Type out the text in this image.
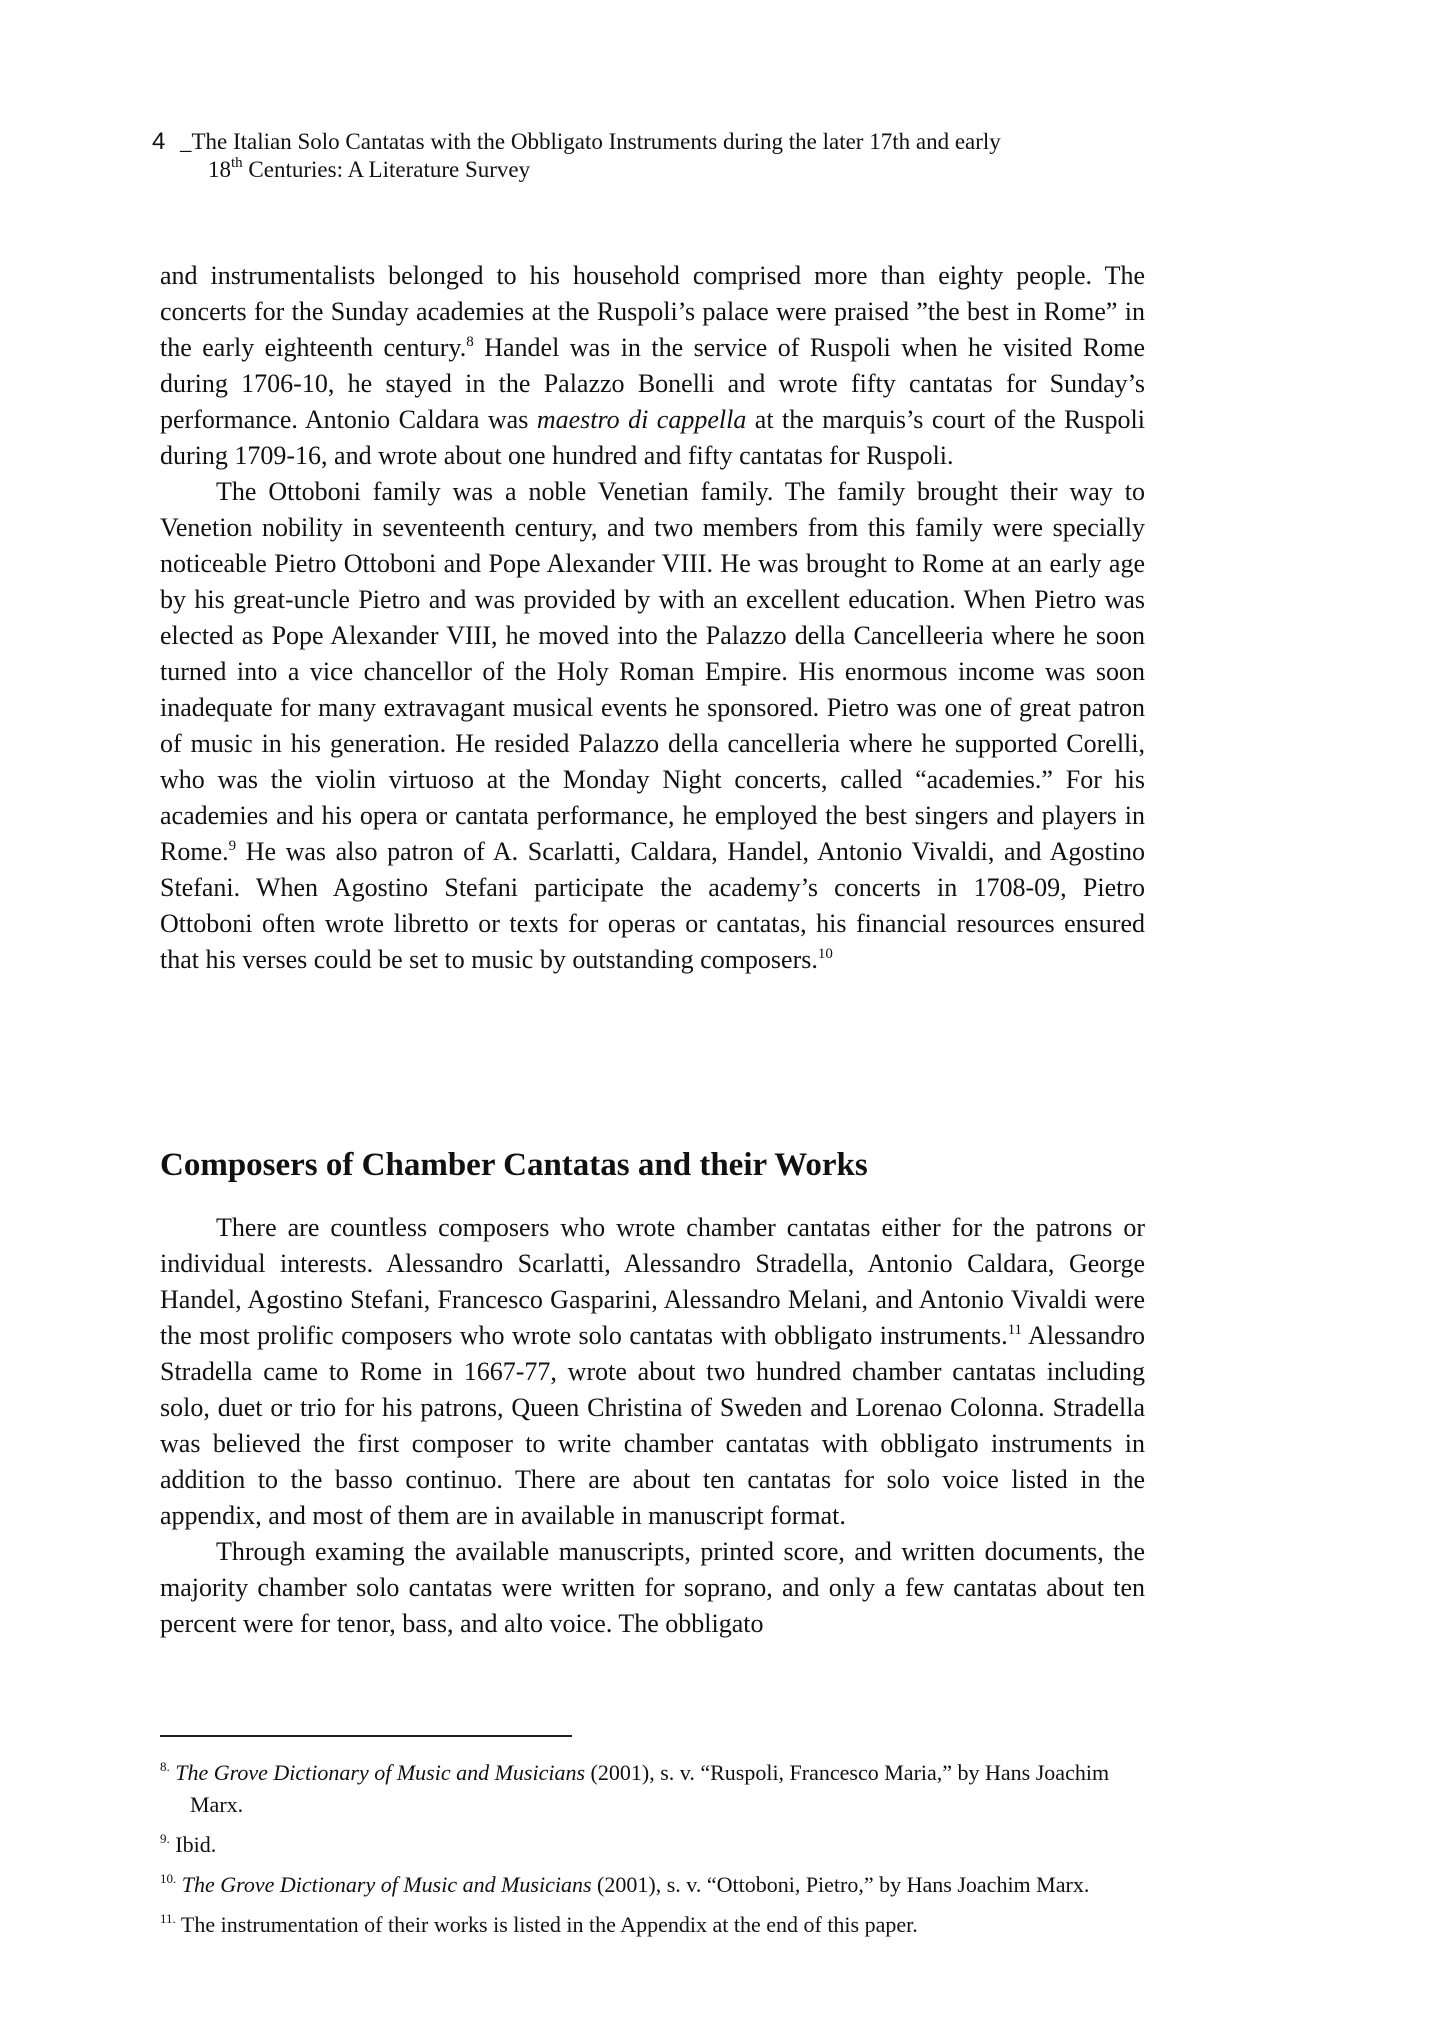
4 _The Italian Solo Cantatas with the Obbligato Instruments during the later 17th and early
18th Centuries: A Literature Survey

and instrumentalists belonged to his household comprised more than eighty people. The concerts for the Sunday academies at the Ruspoli’s palace were praised ”the best in Rome” in the early eighteenth century.$^8$ Handel was in the service of Ruspoli when he visited Rome during 1706-10, he stayed in the Palazzo Bonelli and wrote fifty cantatas for Sunday’s performance. Antonio Caldara was maestro di cappella at the marquis’s court of the Ruspoli during 1709-16, and wrote about one hundred and fifty cantatas for Ruspoli.

The Ottoboni family was a noble Venetian family. The family brought their way to Venetion nobility in seventeenth century, and two members from this family were specially noticeable Pietro Ottoboni and Pope Alexander VIII. He was brought to Rome at an early age by his great-uncle Pietro and was provided by with an excellent education. When Pietro was elected as Pope Alexander VIII, he moved into the Palazzo della Cancelleeria where he soon turned into a vice chancellor of the Holy Roman Empire. His enormous income was soon inadequate for many extravagant musical events he sponsored. Pietro was one of great patron of music in his generation. He resided Palazzo della cancelleria where he supported Corelli, who was the violin virtuoso at the Monday Night concerts, called “academies.” For his academies and his opera or cantata performance, he employed the best singers and players in Rome.$^9$ He was also patron of A. Scarlatti, Caldara, Handel, Antonio Vivaldi, and Agostino Stefani. When Agostino Stefani participate the academy’s concerts in 1708-09, Pietro Ottoboni often wrote libretto or texts for operas or cantatas, his financial resources ensured that his verses could be set to music by outstanding composers.$^{10}$

Composers of Chamber Cantatas and their Works

There are countless composers who wrote chamber cantatas either for the patrons or individual interests. Alessandro Scarlatti, Alessandro Stradella, Antonio Caldara, George Handel, Agostino Stefani, Francesco Gasparini, Alessandro Melani, and Antonio Vivaldi were the most prolific composers who wrote solo cantatas with obbligato instruments.$^{11}$ Alessandro Stradella came to Rome in 1667-77, wrote about two hundred chamber cantatas including solo, duet or trio for his patrons, Queen Christina of Sweden and Lorenao Colonna. Stradella was believed the first composer to write chamber cantatas with obbligato instruments in addition to the basso continuo. There are about ten cantatas for solo voice listed in the appendix, and most of them are in available in manuscript format.

Through examing the available manuscripts, printed score, and written documents, the majority chamber solo cantatas were written for soprano, and only a few cantatas about ten percent were for tenor, bass, and alto voice. The obbligato

$^{8.}$ The Grove Dictionary of Music and Musicians (2001), s. v. “Ruspoli, Francesco Maria,” by Hans Joachim Marx.

$^{9.}$ Ibid.

$^{10.}$ The Grove Dictionary of Music and Musicians (2001), s. v. “Ottoboni, Pietro,” by Hans Joachim Marx.

$^{11.}$ The instrumentation of their works is listed in the Appendix at the end of this paper.
